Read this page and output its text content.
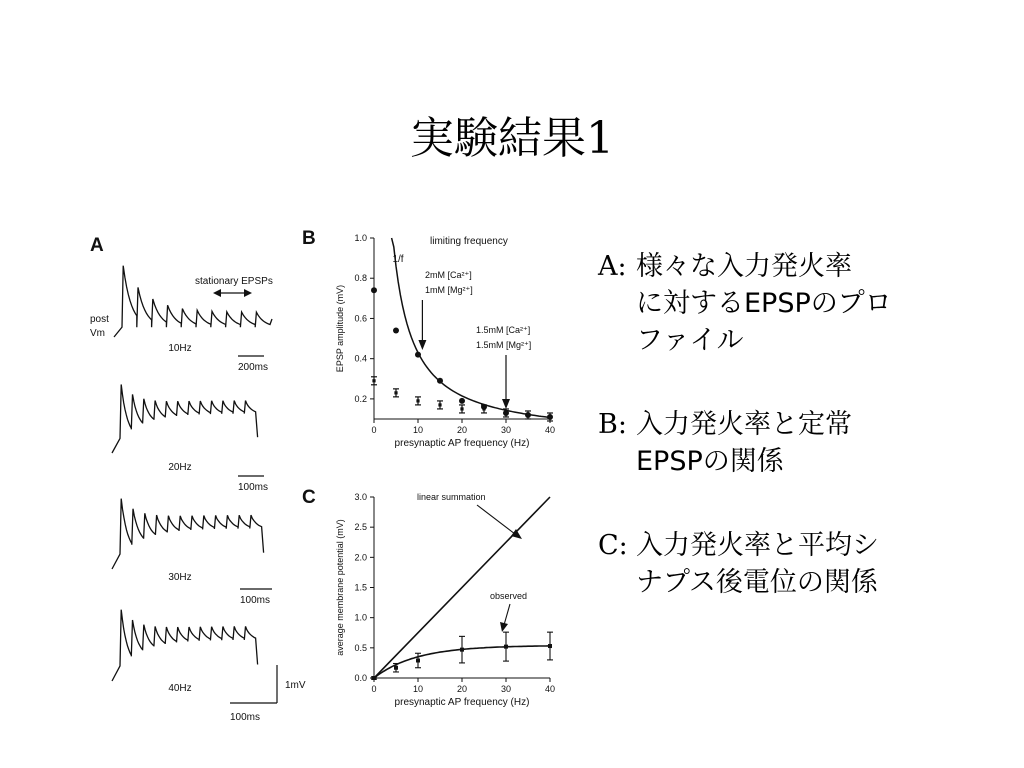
実験結果1
A
stationary EPSPs
post
Vm
10Hz
200ms
20Hz
100ms
30Hz
100ms
40Hz
100ms
1mV
B
0	10	20	30	40
0.2
0.4
0.6
0.8
1.0
presynaptic AP frequency (Hz)
EPSP amplitude (mV)
limiting frequency
1/f
2mM [Ca²⁺]
1mM [Mg²⁺]
1.5mM [Ca²⁺]
1.5mM [Mg²⁺]
C
0	10	20	30	40
0.0
0.5
1.0
1.5
2.0
2.5
3.0
presynaptic AP frequency (Hz)
average membrane potential (mV)
linear summation
observed
A: 様々な入力発火率
に対するEPSPのプロ
ファイル
B: 入力発火率と定常
EPSPの関係
C: 入力発火率と平均シ
ナプス後電位の関係
